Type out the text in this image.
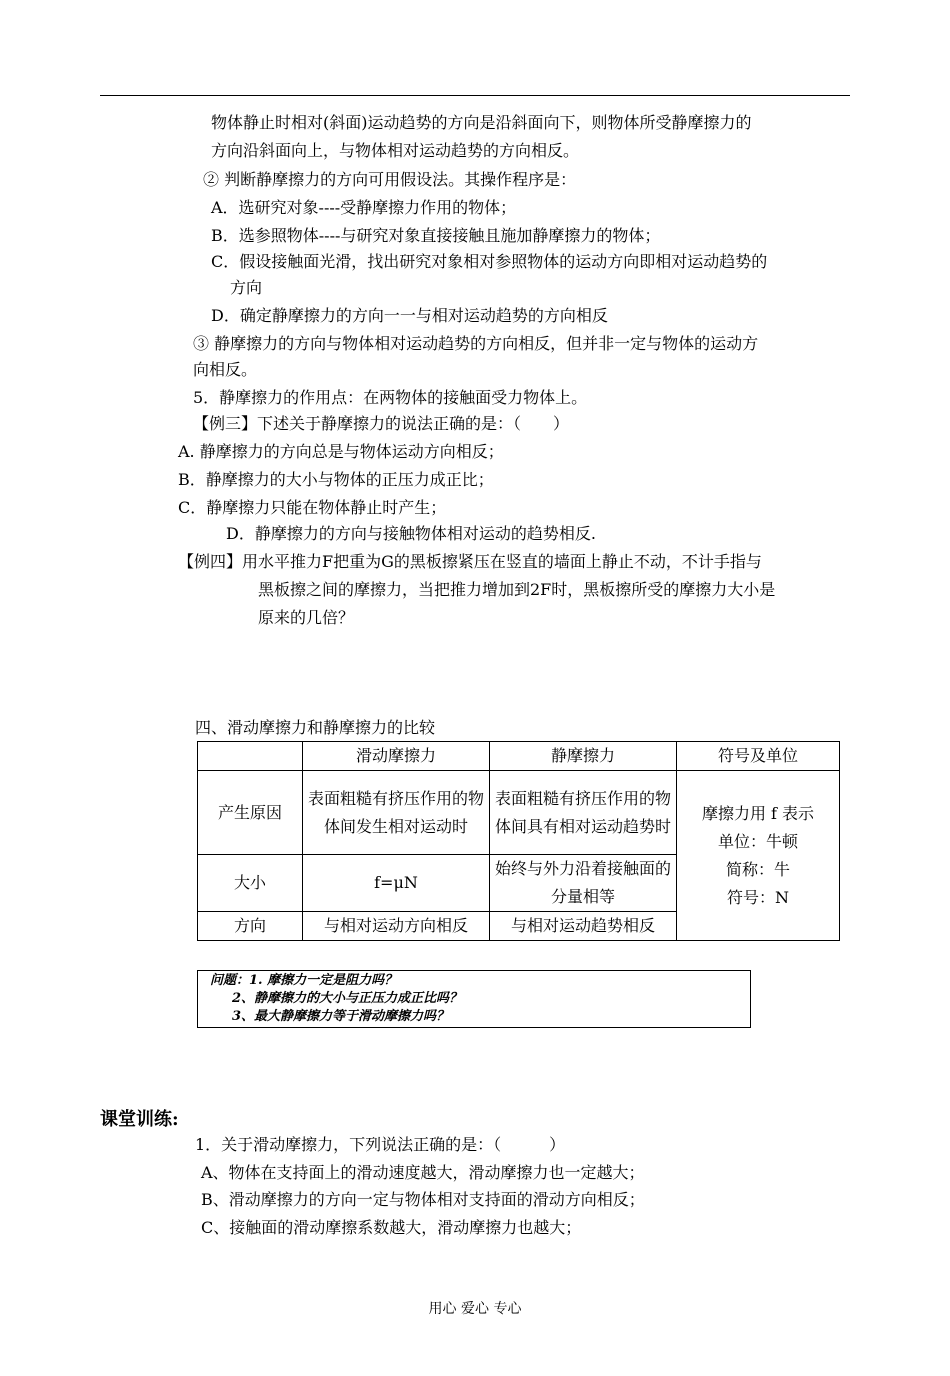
物体静止时相对(斜面)运动趋势的方向是沿斜面向下，则物体所受静摩擦力的
方向沿斜面向上，与物体相对运动趋势的方向相反。
② 判断静摩擦力的方向可用假设法。其操作程序是：
A．选研究对象----受静摩擦力作用的物体；
B．选参照物体----与研究对象直接接触且施加静摩擦力的物体；
C．假设接触面光滑，找出研究对象相对参照物体的运动方向即相对运动趋势的
方向
D．确定静摩擦力的方向一一与相对运动趋势的方向相反
③ 静摩擦力的方向与物体相对运动趋势的方向相反，但并非一定与物体的运动方
向相反。
5．静摩擦力的作用点：在两物体的接触面受力物体上。
【例三】下述关于静摩擦力的说法正确的是：（　　）
A. 静摩擦力的方向总是与物体运动方向相反；
B．静摩擦力的大小与物体的正压力成正比；
C．静摩擦力只能在物体静止时产生；
D．静摩擦力的方向与接触物体相对运动的趋势相反.
【例四】用水平推力F把重为G的黑板擦紧压在竖直的墙面上静止不动，不计手指与
黑板擦之间的摩擦力，当把推力增加到2F时，黑板擦所受的摩擦力大小是
原来的几倍？
四、滑动摩擦力和静摩擦力的比较
	滑动摩擦力	静摩擦力	符号及单位
产生原因	表面粗糙有挤压作用的物体间发生相对运动时	表面粗糙有挤压作用的物体间具有相对运动趋势时	摩擦力用 f 表示
单位：牛顿
简称：牛
符号：N

大小	f=μN	始终与外力沿着接触面的分量相等	
方向	与相对运动方向相反	与相对运动趋势相反	
问题：1. 摩擦力一定是阻力吗？
2、静摩擦力的大小与正压力成正比吗？
3、最大静摩擦力等于滑动摩擦力吗？
课堂训练:
1．关于滑动摩擦力，下列说法正确的是：（　　　）
A、物体在支持面上的滑动速度越大，滑动摩擦力也一定越大；
B、滑动摩擦力的方向一定与物体相对支持面的滑动方向相反；
C、接触面的滑动摩擦系数越大，滑动摩擦力也越大；
用心 爱心 专心
